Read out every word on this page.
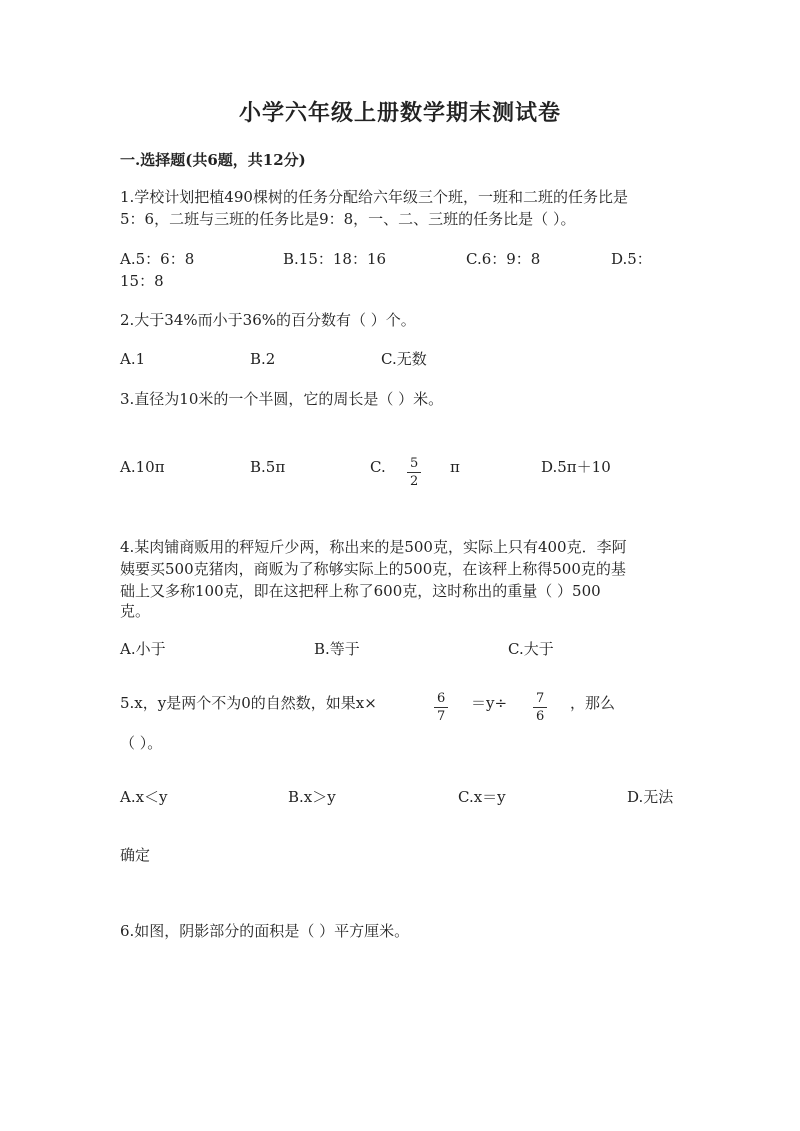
小学六年级上册数学期末测试卷
一.选择题(共6题，共12分)
1.学校计划把植490棵树的任务分配给六年级三个班，一班和二班的任务比是
5：6，二班与三班的任务比是9：8，一、二、三班的任务比是（ ）。
A.5：6：8	B.15：18：16	C.6：9：8	D.5：
15：8
2.大于34%而小于36%的百分数有（ ）个。
A.1	B.2	C.无数
3.直径为10米的一个半圆，它的周长是（ ）米。
A.10π	B.5π	C. $\frac{5}{2}$ π	D.5π＋10
4.某肉铺商贩用的秤短斤少两，称出来的是500克，实际上只有400克．李阿
姨要买500克猪肉，商贩为了称够实际上的500克，在该秤上称得500克的基
础上又多称100克，即在这把秤上称了600克，这时称出的重量（ ）500
克。
A.小于	B.等于	C.大于
5.x，y是两个不为0的自然数，如果x×	$\frac{6}{7} =y\div \frac{7}{6}$ ，那么
（ ）。
A.x＜y	B.x＞y	C.x＝y	D.无法
确定
6.如图，阴影部分的面积是（ ）平方厘米。
